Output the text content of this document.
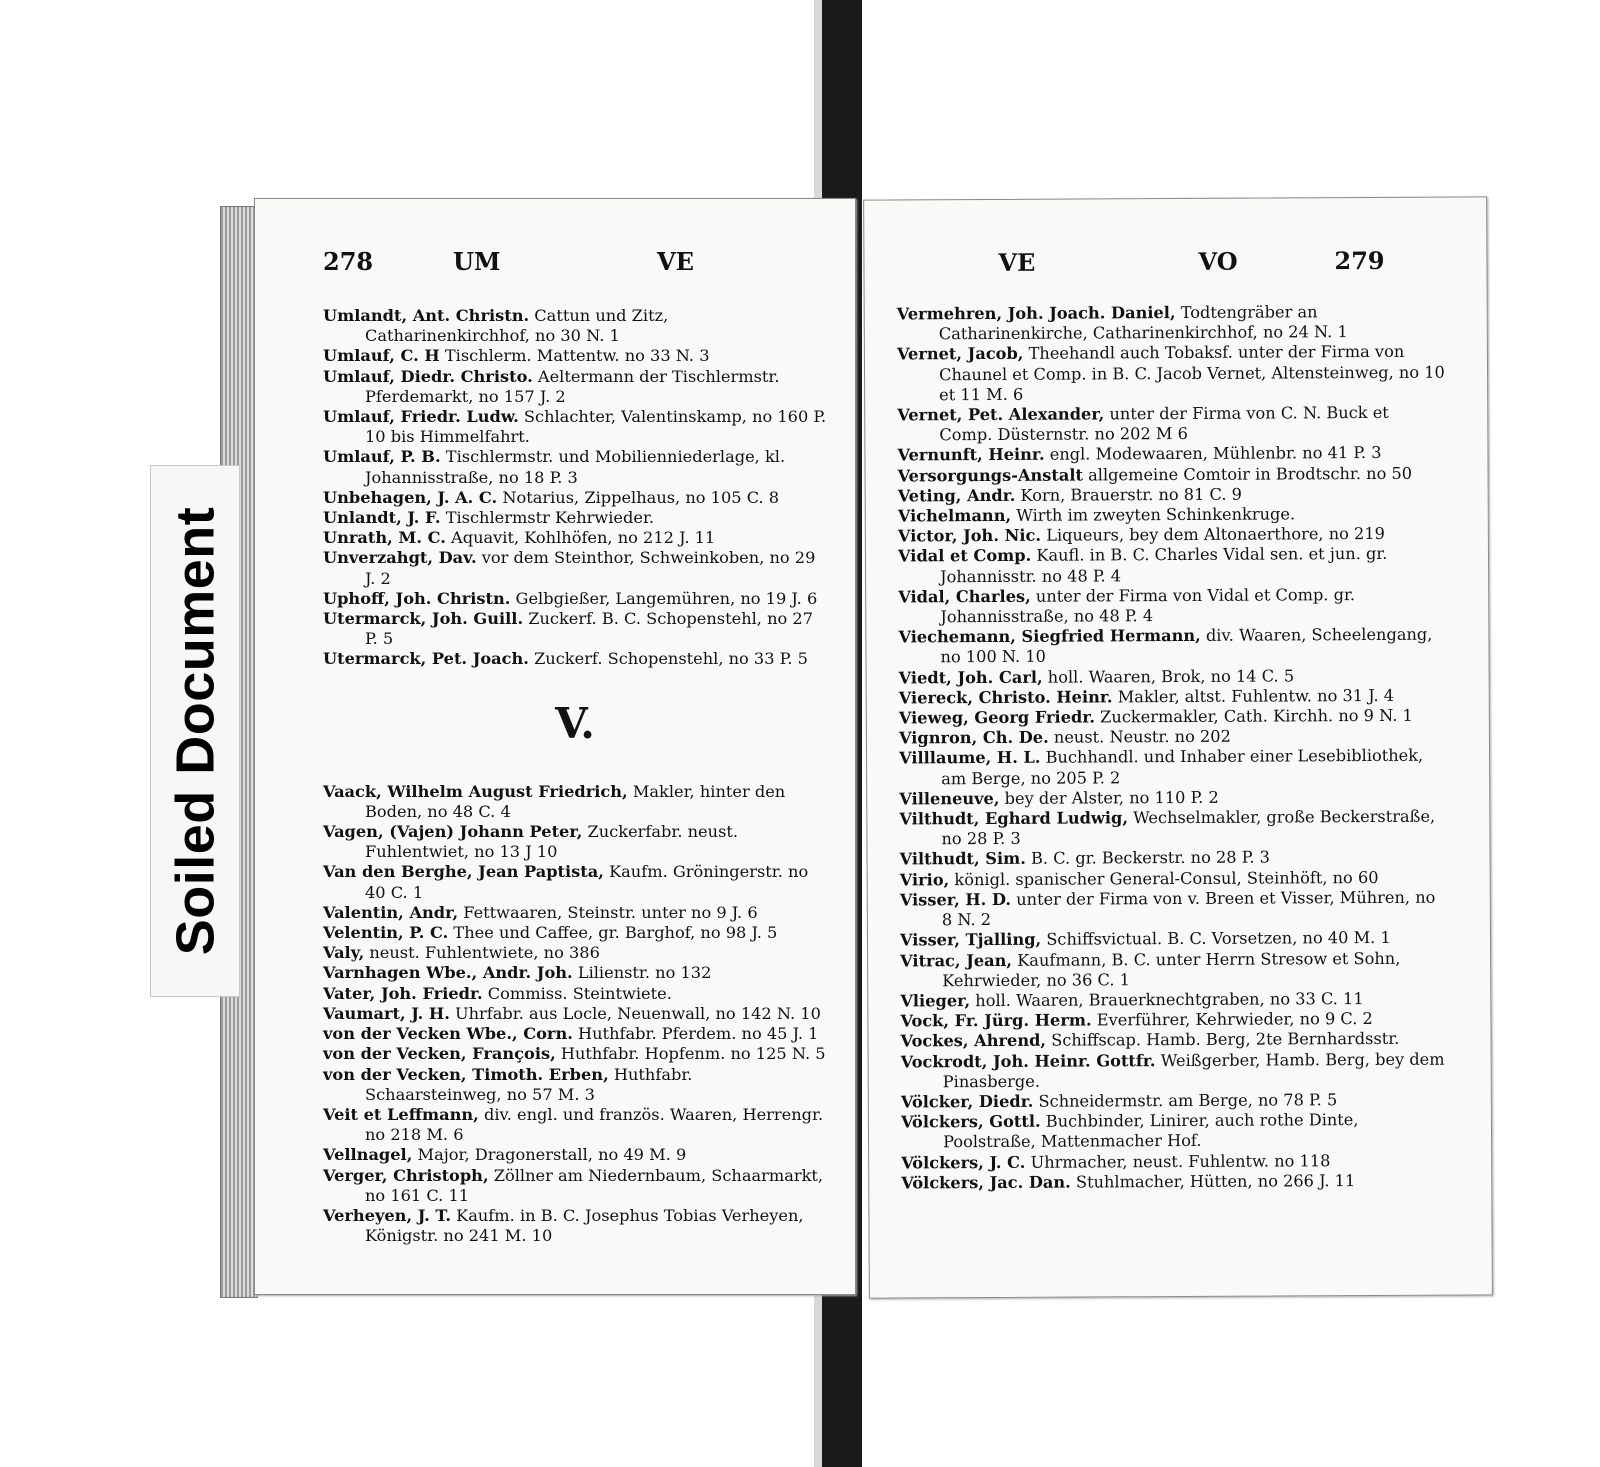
Soiled Document
278	UM	VE
Umlandt, Ant. Christn. Cattun und Zitz, Catharinenkirchhof, no 30 N. 1
Umlauf, C. H Tischlerm. Mattentw. no 33 N. 3
Umlauf, Diedr. Christo. Aeltermann der Tischlermstr. Pferdemarkt, no 157 J. 2
Umlauf, Friedr. Ludw. Schlachter, Valentinskamp, no 160 P. 10 bis Himmelfahrt.
Umlauf, P. B. Tischlermstr. und Mobilienniederlage, kl. Johannisstraße, no 18 P. 3
Unbehagen, J. A. C. Notarius, Zippelhaus, no 105 C. 8
Unlandt, J. F. Tischlermstr Kehrwieder.
Unrath, M. C. Aquavit, Kohlhöfen, no 212 J. 11
Unverzahgt, Dav. vor dem Steinthor, Schweinkoben, no 29 J. 2
Uphoff, Joh. Christn. Gelbgießer, Langemühren, no 19 J. 6
Utermarck, Joh. Guill. Zuckerf. B. C. Schopenstehl, no 27 P. 5
Utermarck, Pet. Joach. Zuckerf. Schopenstehl, no 33 P. 5
V.
Vaack, Wilhelm August Friedrich, Makler, hinter den Boden, no 48 C. 4
Vagen, (Vajen) Johann Peter, Zuckerfabr. neust. Fuhlentwiet, no 13 J 10
Van den Berghe, Jean Paptista, Kaufm. Gröningerstr. no 40 C. 1
Valentin, Andr, Fettwaaren, Steinstr. unter no 9 J. 6
Velentin, P. C. Thee und Caffee, gr. Barghof, no 98 J. 5
Valy, neust. Fuhlentwiete, no 386
Varnhagen Wbe., Andr. Joh. Lilienstr. no 132
Vater, Joh. Friedr. Commiss. Steintwiete.
Vaumart, J. H. Uhrfabr. aus Locle, Neuenwall, no 142 N. 10
von der Vecken Wbe., Corn. Huthfabr. Pferdem. no 45 J. 1
von der Vecken, François, Huthfabr. Hopfenm. no 125 N. 5
von der Vecken, Timoth. Erben, Huthfabr. Schaarsteinweg, no 57 M. 3
Veit et Leffmann, div. engl. und französ. Waaren, Herrengr. no 218 M. 6
Vellnagel, Major, Dragonerstall, no 49 M. 9
Verger, Christoph, Zöllner am Niedernbaum, Schaarmarkt, no 161 C. 11
Verheyen, J. T. Kaufm. in B. C. Josephus Tobias Verheyen, Königstr. no 241 M. 10
VE	VO	279
Vermehren, Joh. Joach. Daniel, Todtengräber an Catharinenkirche, Catharinenkirchhof, no 24 N. 1
Vernet, Jacob, Theehandl auch Tobaksf. unter der Firma von Chaunel et Comp. in B. C. Jacob Vernet, Altensteinweg, no 10 et 11 M. 6
Vernet, Pet. Alexander, unter der Firma von C. N. Buck et Comp. Düsternstr. no 202 M 6
Vernunft, Heinr. engl. Modewaaren, Mühlenbr. no 41 P. 3
Versorgungs-Anstalt allgemeine Comtoir in Brodtschr. no 50
Veting, Andr. Korn, Brauerstr. no 81 C. 9
Vichelmann, Wirth im zweyten Schinkenkruge.
Victor, Joh. Nic. Liqueurs, bey dem Altonaerthore, no 219
Vidal et Comp. Kaufl. in B. C. Charles Vidal sen. et jun. gr. Johannisstr. no 48 P. 4
Vidal, Charles, unter der Firma von Vidal et Comp. gr. Johannisstraße, no 48 P. 4
Viechemann, Siegfried Hermann, div. Waaren, Scheelengang, no 100 N. 10
Viedt, Joh. Carl, holl. Waaren, Brok, no 14 C. 5
Viereck, Christo. Heinr. Makler, altst. Fuhlentw. no 31 J. 4
Vieweg, Georg Friedr. Zuckermakler, Cath. Kirchh. no 9 N. 1
Vignron, Ch. De. neust. Neustr. no 202
Villlaume, H. L. Buchhandl. und Inhaber einer Lesebibliothek, am Berge, no 205 P. 2
Villeneuve, bey der Alster, no 110 P. 2
Vilthudt, Eghard Ludwig, Wechselmakler, große Beckerstraße, no 28 P. 3
Vilthudt, Sim. B. C. gr. Beckerstr. no 28 P. 3
Virio, königl. spanischer General-Consul, Steinhöft, no 60
Visser, H. D. unter der Firma von v. Breen et Visser, Mühren, no 8 N. 2
Visser, Tjalling, Schiffsvictual. B. C. Vorsetzen, no 40 M. 1
Vitrac, Jean, Kaufmann, B. C. unter Herrn Stresow et Sohn, Kehrwieder, no 36 C. 1
Vlieger, holl. Waaren, Brauerknechtgraben, no 33 C. 11
Vock, Fr. Jürg. Herm. Everführer, Kehrwieder, no 9 C. 2
Vockes, Ahrend, Schiffscap. Hamb. Berg, 2te Bernhardsstr.
Vockrodt, Joh. Heinr. Gottfr. Weißgerber, Hamb. Berg, bey dem Pinasberge.
Völcker, Diedr. Schneidermstr. am Berge, no 78 P. 5
Völckers, Gottl. Buchbinder, Linirer, auch rothe Dinte, Poolstraße, Mattenmacher Hof.
Völckers, J. C. Uhrmacher, neust. Fuhlentw. no 118
Völckers, Jac. Dan. Stuhlmacher, Hütten, no 266 J. 11
